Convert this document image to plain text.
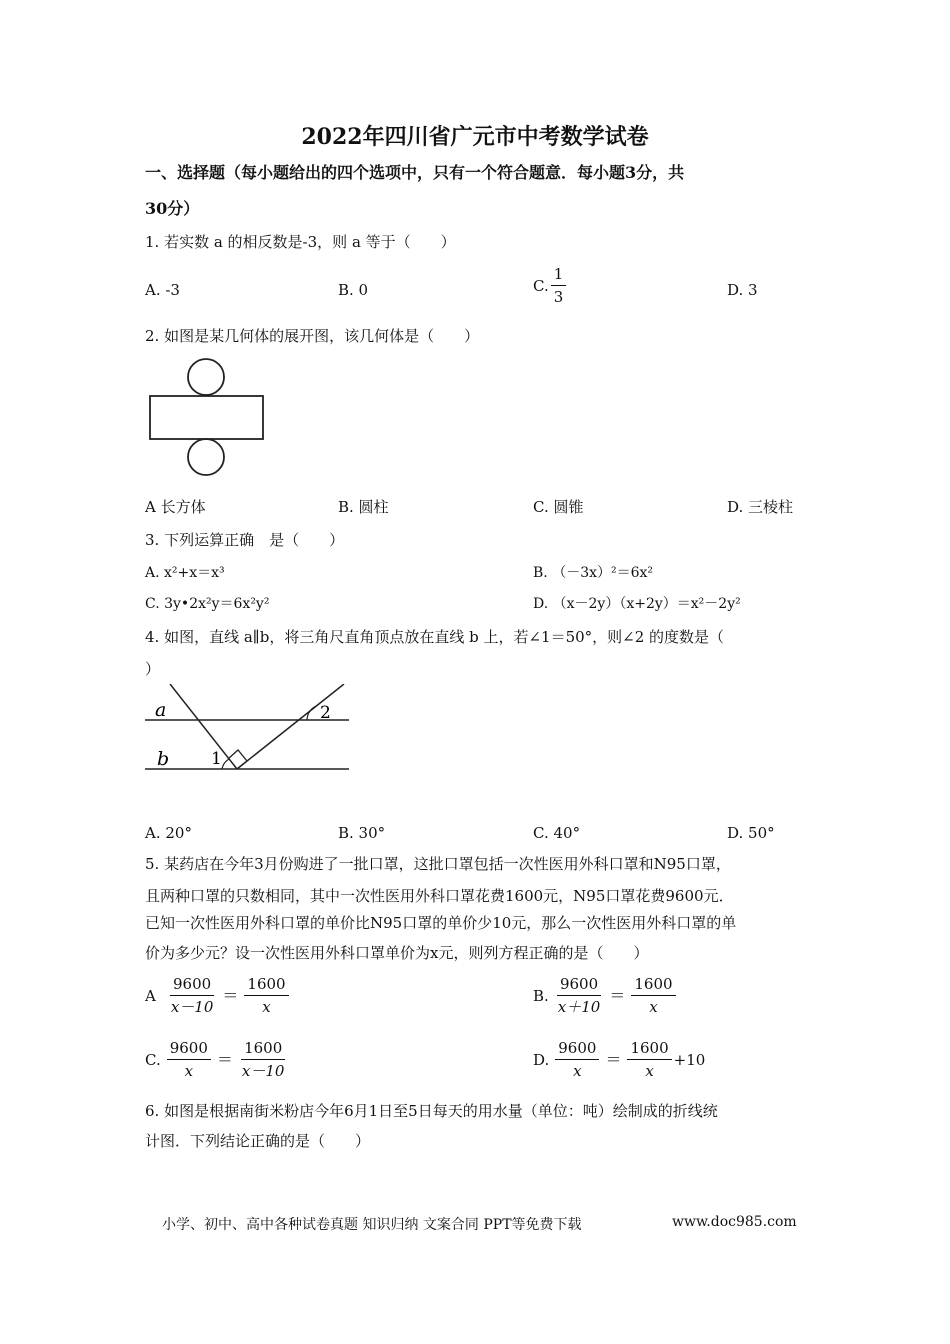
2022年四川省广元市中考数学试卷
一、选择题（每小题给出的四个选项中，只有一个符合题意．每小题3分，共
30分）
1. 若实数 a 的相反数是-3，则 a 等于（　　）
A. -3	B. 0	C. $\frac{1}{3}$	D. 3
2. 如图是某几何体的展开图，该几何体是（　　）
A 长方体	B. 圆柱	C. 圆锥	D. 三棱柱
3. 下列运算正确　是（　　）
A. x²+x＝x³	B. （－3x）²＝6x²
C. 3y•2x²y＝6x²y²	D. （x－2y）（x+2y）＝x²－2y²
4. 如图，直线 a∥b，将三角尺直角顶点放在直线 b 上，若∠1＝50°，则∠2 的度数是（
）
a
b 1
2
A. 20°	B. 30°	C. 40°	D. 50°
5. 某药店在今年3月份购进了一批口罩，这批口罩包括一次性医用外科口罩和N95口罩，
且两种口罩的只数相同，其中一次性医用外科口罩花费1600元，N95口罩花费9600元．
已知一次性医用外科口罩的单价比N95口罩的单价少10元，那么一次性医用外科口罩的单
价为多少元？设一次性医用外科口罩单价为x元，则列方程正确的是（　　）
A $\frac{9600}{x-10} = \frac{1600}{x}$	B. $\frac{9600}{x+10} = \frac{1600}{x}$
C. $\frac{9600}{x} = \frac{1600}{x-10}$	D. $\frac{9600}{x} = \frac{1600}{x} +10$
6. 如图是根据南街米粉店今年6月1日至5日每天的用水量（单位：吨）绘制成的折线统
计图．下列结论正确的是（　　）
小学、初中、高中各种试卷真题 知识归纳 文案合同 PPT等免费下载	www.doc985.com
